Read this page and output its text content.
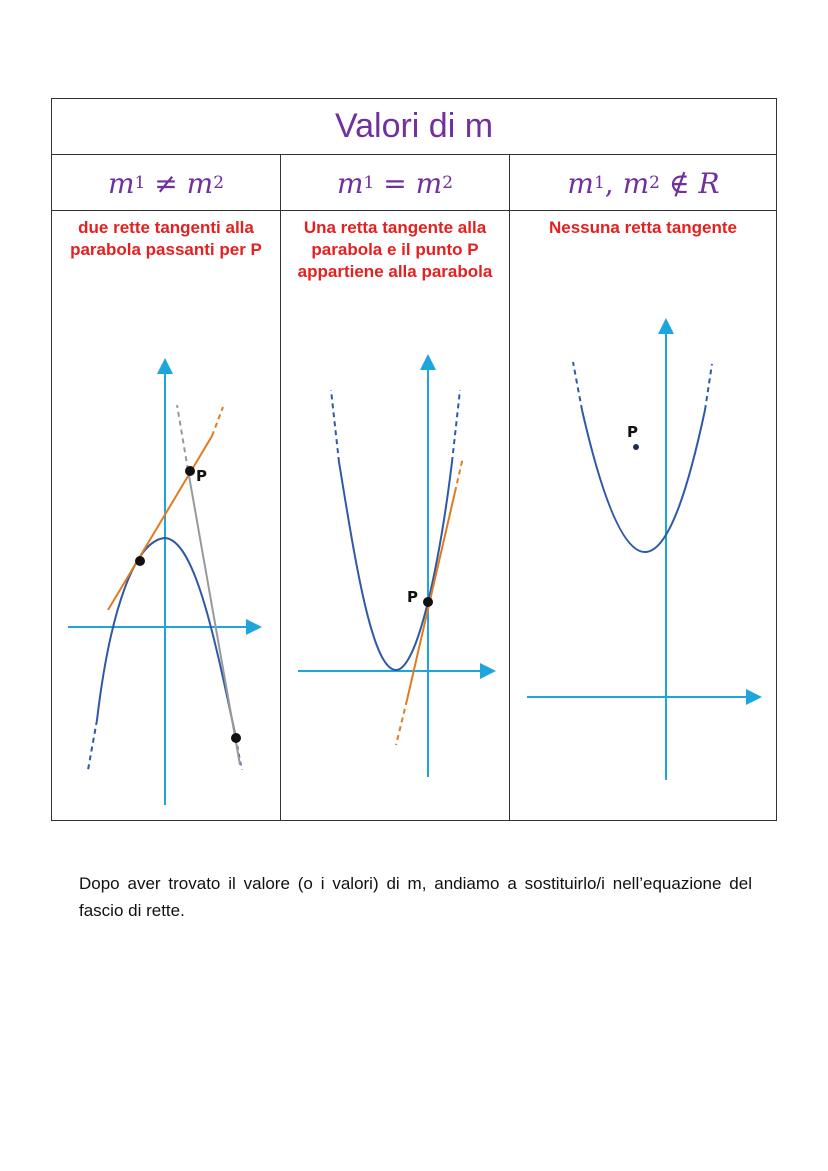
Valori di m
m 1 ≠ m 2	m 1 = m 2	m 1 , m 2 ∉ R
due rette tangenti alla parabola passanti per P
Una retta tangente alla parabola e il punto P appartiene alla parabola
Nessuna retta tangente
P
P
P
Dopo aver trovato il valore (o i valori) di m, andiamo a sostituirlo/i nell’equazione del fascio di rette.
